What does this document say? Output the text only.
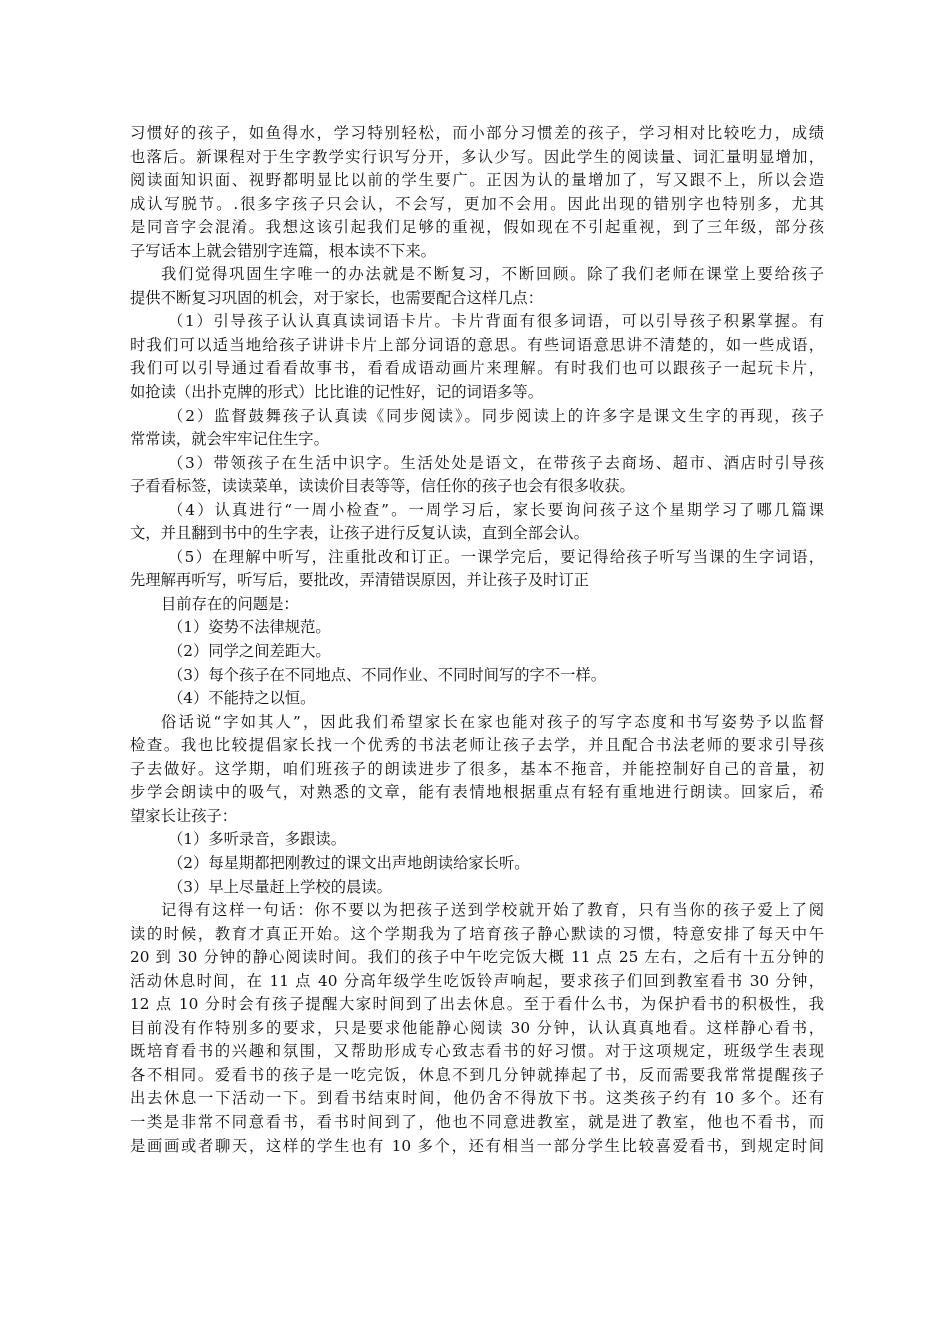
习惯好的孩子，如鱼得水，学习特别轻松，而小部分习惯差的孩子，学习相对比较吃力，成绩
也落后。新课程对于生字教学实行识写分开，多认少写。因此学生的阅读量、词汇量明显增加，
阅读面知识面、视野都明显比以前的学生要广。正因为认的量增加了，写又跟不上，所以会造
成认写脱节。.很多字孩子只会认，不会写，更加不会用。因此出现的错别字也特别多，尤其
是同音字会混淆。我想这该引起我们足够的重视，假如现在不引起重视，到了三年级，部分孩
子写话本上就会错别字连篇，根本读不下来。
我们觉得巩固生字唯一的办法就是不断复习，不断回顾。除了我们老师在课堂上要给孩子
提供不断复习巩固的机会，对于家长，也需要配合这样几点：
（1）引导孩子认认真真读词语卡片。卡片背面有很多词语，可以引导孩子积累掌握。有
时我们可以适当地给孩子讲讲卡片上部分词语的意思。有些词语意思讲不清楚的，如一些成语，
我们可以引导通过看看故事书，看看成语动画片来理解。有时我们也可以跟孩子一起玩卡片，
如抢读（出扑克牌的形式）比比谁的记性好，记的词语多等。
（2）监督鼓舞孩子认真读《同步阅读》。同步阅读上的许多字是课文生字的再现，孩子
常常读，就会牢牢记住生字。
（3）带领孩子在生活中识字。生活处处是语文，在带孩子去商场、超市、酒店时引导孩
子看看标签，读读菜单，读读价目表等等，信任你的孩子也会有很多收获。
（4）认真进行“一周小检查”。一周学习后，家长要询问孩子这个星期学习了哪几篇课
文，并且翻到书中的生字表，让孩子进行反复认读，直到全部会认。
（5）在理解中听写，注重批改和订正。一课学完后，要记得给孩子听写当课的生字词语，
先理解再听写，听写后，要批改，弄清错误原因，并让孩子及时订正
目前存在的问题是：
（1）姿势不法律规范。
（2）同学之间差距大。
（3）每个孩子在不同地点、不同作业、不同时间写的字不一样。
（4）不能持之以恒。
俗话说“字如其人”，因此我们希望家长在家也能对孩子的写字态度和书写姿势予以监督
检查。我也比较提倡家长找一个优秀的书法老师让孩子去学，并且配合书法老师的要求引导孩
子去做好。这学期，咱们班孩子的朗读进步了很多，基本不拖音，并能控制好自己的音量，初
步学会朗读中的吸气，对熟悉的文章，能有表情地根据重点有轻有重地进行朗读。回家后，希
望家长让孩子：
（1）多听录音，多跟读。
（2）每星期都把刚教过的课文出声地朗读给家长听。
（3）早上尽量赶上学校的晨读。
记得有这样一句话：你不要以为把孩子送到学校就开始了教育，只有当你的孩子爱上了阅
读的时候，教育才真正开始。这个学期我为了培育孩子静心默读的习惯，特意安排了每天中午
20 到 30 分钟的静心阅读时间。我们的孩子中午吃完饭大概 11 点 25 左右，之后有十五分钟的
活动休息时间，在 11 点 40 分高年级学生吃饭铃声响起，要求孩子们回到教室看书 30 分钟，
12 点 10 分时会有孩子提醒大家时间到了出去休息。至于看什么书，为保护看书的积极性，我
目前没有作特别多的要求，只是要求他能静心阅读 30 分钟，认认真真地看。这样静心看书，
既培育看书的兴趣和氛围，又帮助形成专心致志看书的好习惯。对于这项规定，班级学生表现
各不相同。爱看书的孩子是一吃完饭，休息不到几分钟就捧起了书，反而需要我常常提醒孩子
出去休息一下活动一下。到看书结束时间，他仍舍不得放下书。这类孩子约有 10 多个。还有
一类是非常不同意看书，看书时间到了，他也不同意进教室，就是进了教室，他也不看书，而
是画画或者聊天，这样的学生也有 10 多个，还有相当一部分学生比较喜爱看书，到规定时间
